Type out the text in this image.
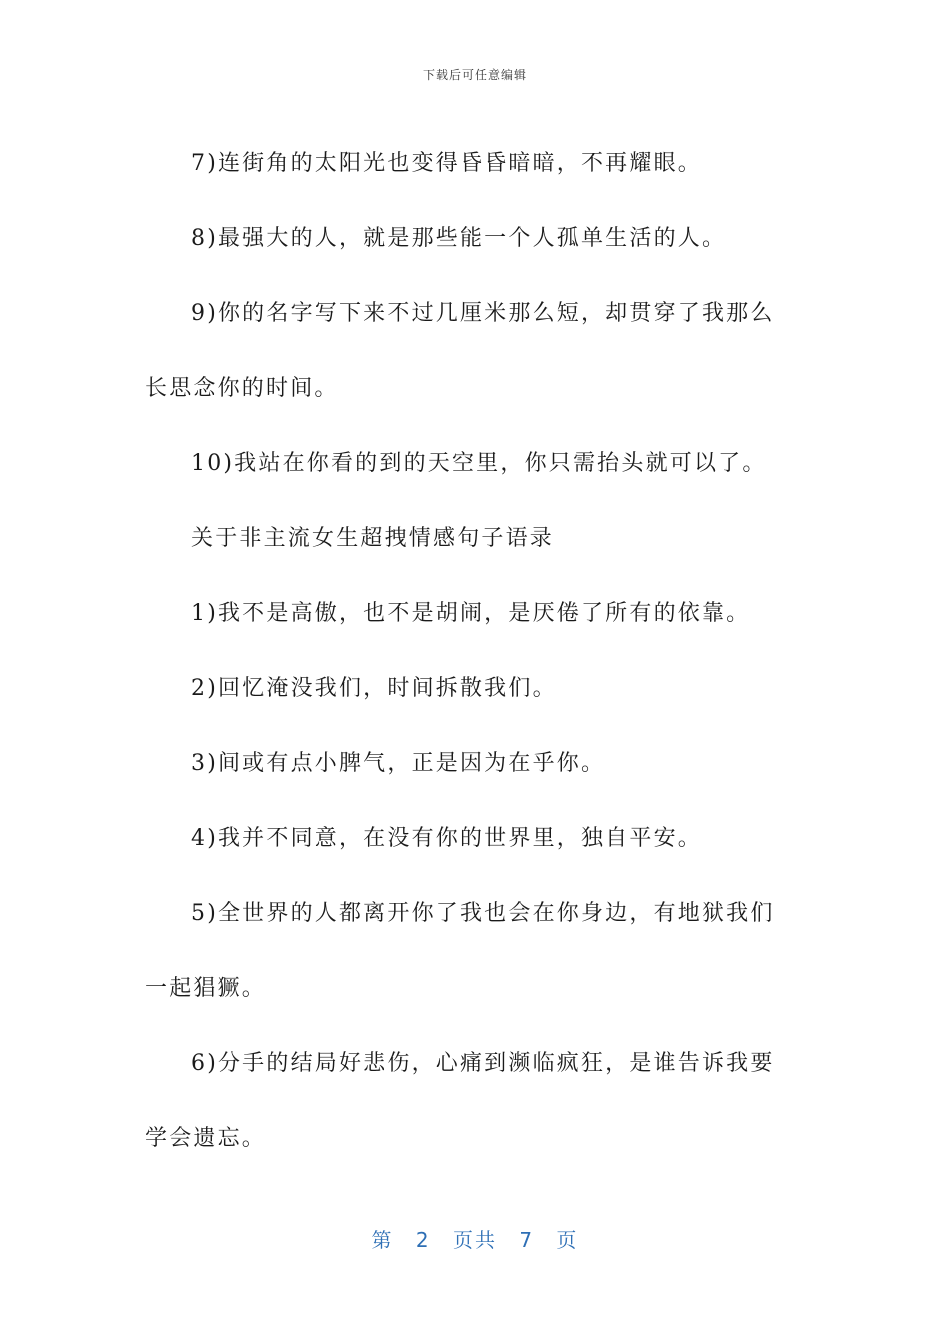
下载后可任意编辑

7)连街角的太阳光也变得昏昏暗暗，不再耀眼。

8)最强大的人，就是那些能一个人孤单生活的人。

9)你的名字写下来不过几厘米那么短，却贯穿了我那么长思念你的时间。

10)我站在你看的到的天空里，你只需抬头就可以了。

关于非主流女生超拽情感句子语录

1)我不是高傲，也不是胡闹，是厌倦了所有的依靠。

2)回忆淹没我们，时间拆散我们。

3)间或有点小脾气，正是因为在乎你。

4)我并不同意，在没有你的世界里，独自平安。

5)全世界的人都离开你了我也会在你身边，有地狱我们一起猖獗。

6)分手的结局好悲伤，心痛到濒临疯狂，是谁告诉我要学会遗忘。

第 2 页共 7 页
